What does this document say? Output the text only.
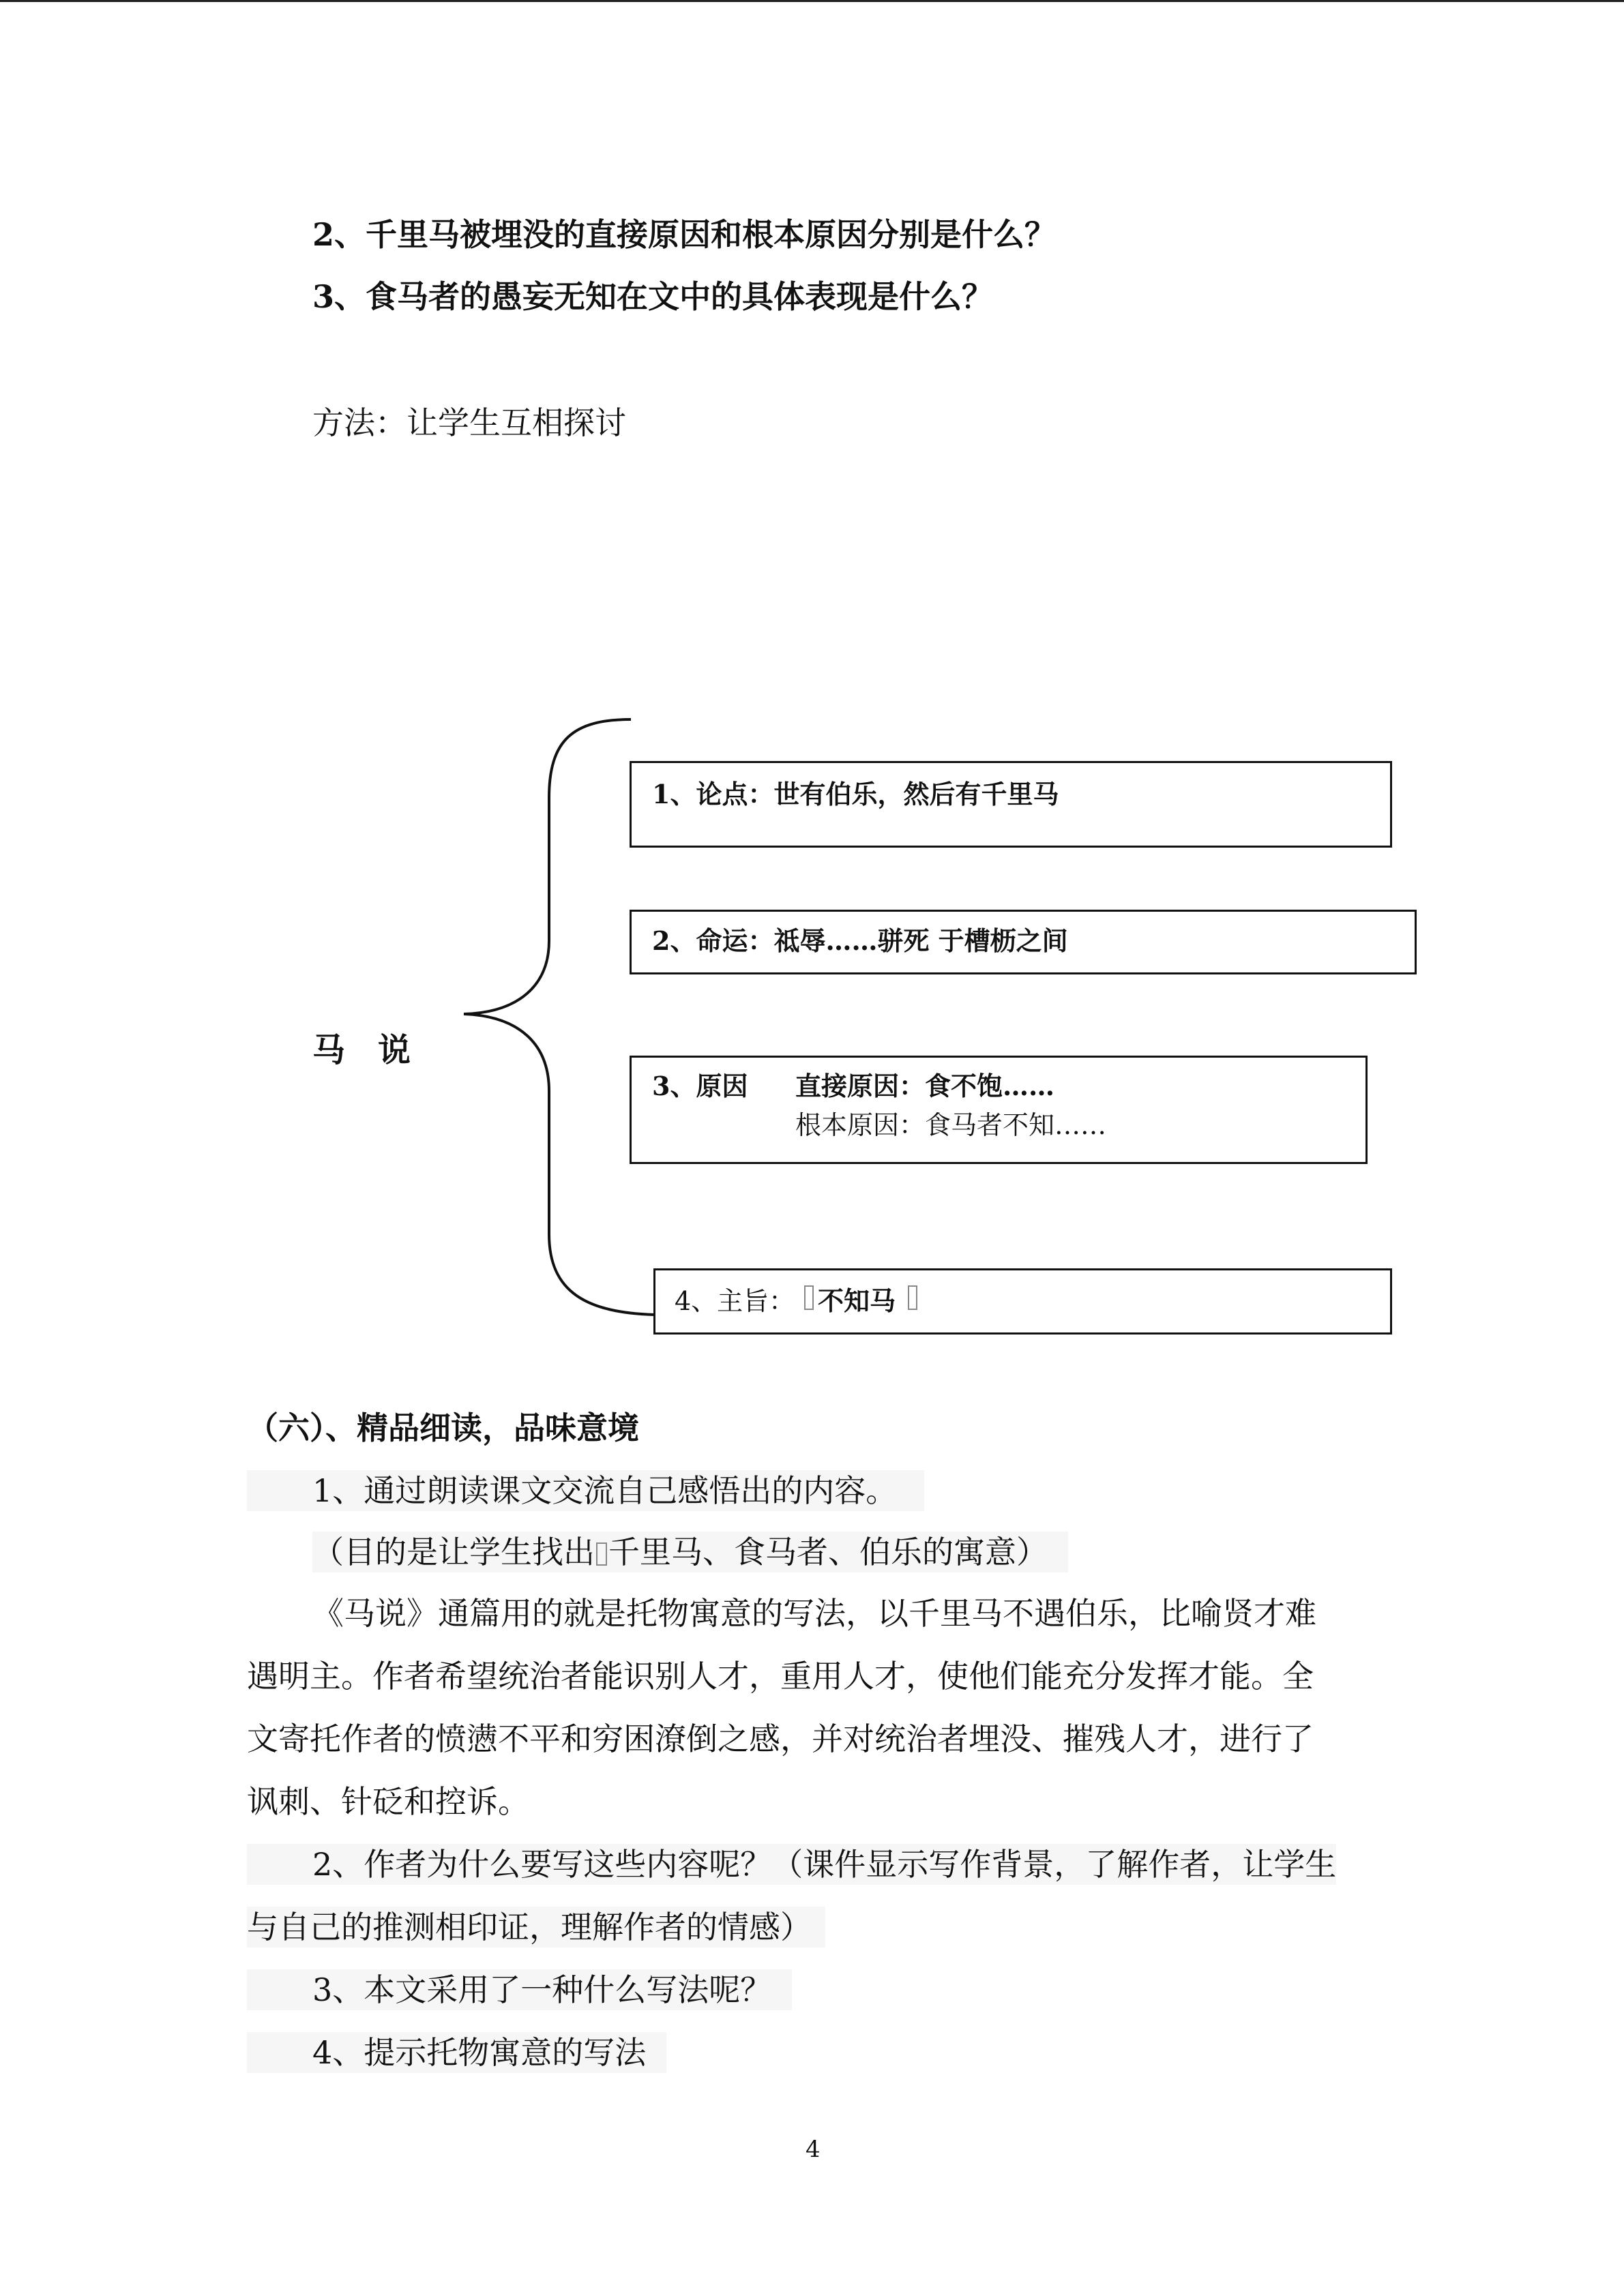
2、千里马被埋没的直接原因和根本原因分别是什么？
3、食马者的愚妄无知在文中的具体表现是什么？
方法：让学生互相探讨
马　说
1、论点：世有伯乐，然后有千里马
2、命运：祗辱……骈死 于槽枥之间
3、原因 直接原因：食不饱……
根本原因：食马者不知……
4、主旨： 不知马
（六）、精品细读，品味意境
1、通过朗读课文交流自己感悟出的内容。
（目的是让学生找出 千里马、食马者、伯乐的寓意）
《马说》通篇用的就是托物寓意的写法，以千里马不遇伯乐，比喻贤才难
遇明主。作者希望统治者能识别人才，重用人才，使他们能充分发挥才能。全
文寄托作者的愤懑不平和穷困潦倒之感，并对统治者埋没、摧残人才，进行了
讽刺、针砭和控诉。
2、作者为什么要写这些内容呢？（课件显示写作背景，了解作者，让学生
与自己的推测相印证，理解作者的情感）
3、本文采用了一种什么写法呢？
4、提示托物寓意的写法
4
